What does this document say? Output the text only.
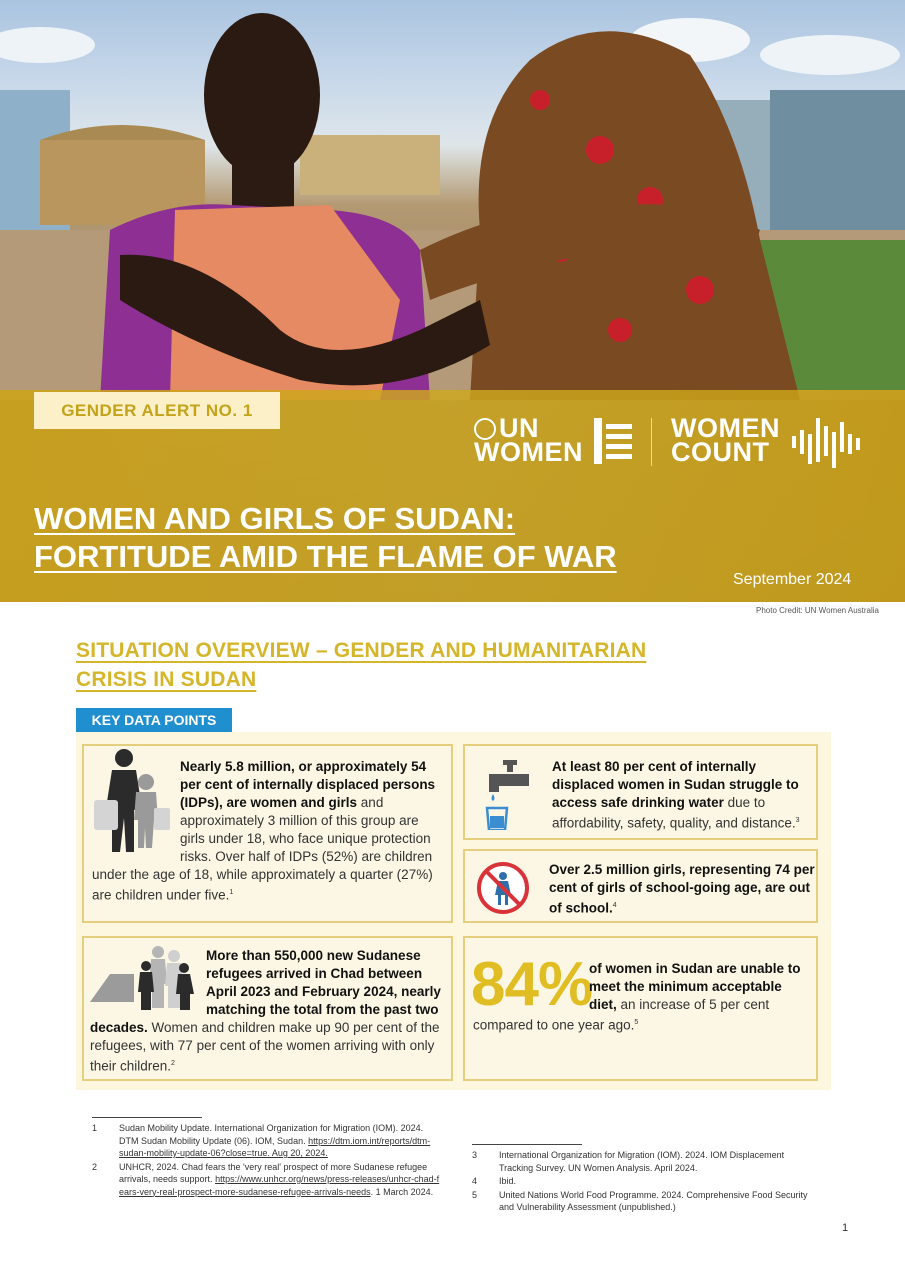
GENDER ALERT NO. 1
UN
WOMEN
WOMEN
COUNT
WOMEN AND GIRLS OF SUDAN:
FORTITUDE AMID THE FLAME OF WAR
September 2024
Photo Credit: UN Women Australia
SITUATION OVERVIEW – GENDER AND HUMANITARIAN
CRISIS IN SUDAN
KEY DATA POINTS

Nearly 5.8 million, or approximately 54 per cent of internally displaced persons (IDPs), are women and girls and approximately 3 million of this group are girls under 18, who face unique protection risks. Over half of IDPs (52%) are children under the age of 18, while approximately a quarter (27%) are children under five.$^1$

At least 80 per cent of internally displaced women in Sudan struggle to access safe drinking water due to affordability, safety, quality, and distance.$^3$

Over 2.5 million girls, representing 74 per cent of girls of school-going age, are out of school.$^4$

More than 550,000 new Sudanese refugees arrived in Chad between April 2023 and February 2024, nearly matching the total from the past two decades. Women and children make up 90 per cent of the refugees, with 77 per cent of the women arriving with only their children.$^2$

84%

of women in Sudan are unable to meet the minimum acceptable diet, an increase of 5 per cent

compared to one year ago.$^5$

1	Sudan Mobility Update. International Organization for Migration (IOM). 2024. DTM Sudan Mobility Update (06). IOM, Sudan. https://dtm.iom.int/reports/dtm-sudan-mobility-update-06?close=true. Aug 20, 2024.
2	UNHCR, 2024. Chad fears the 'very real' prospect of more Sudanese refugee arrivals, needs support. https://www.unhcr.org/news/press-releases/unhcr-chad-fears-very-real-prospect-more-sudanese-refugee-arrivals-needs. 1 March 2024.
3	International Organization for Migration (IOM). 2024. IOM Displacement Tracking Survey. UN Women Analysis. April 2024.
4	Ibid.
5	United Nations World Food Programme. 2024. Comprehensive Food Security and Vulnerability Assessment (unpublished.)
1
